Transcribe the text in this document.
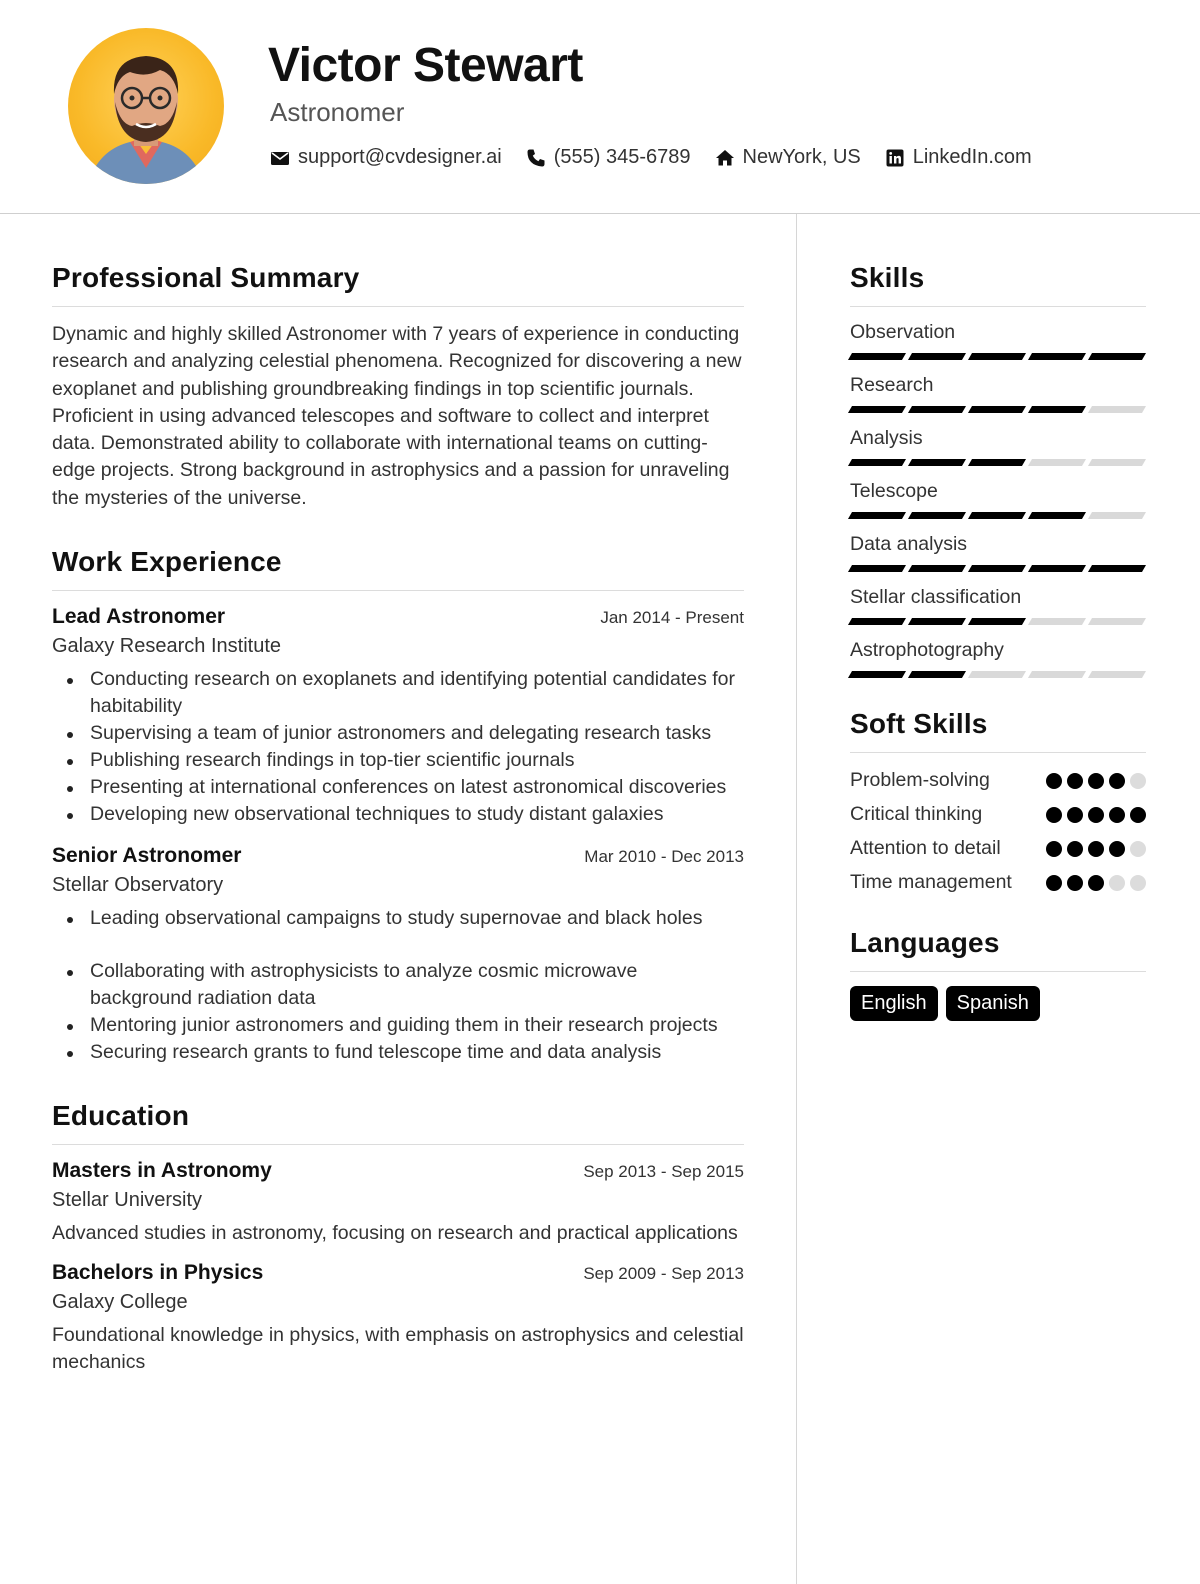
Victor Stewart
Astronomer
support@cvdesigner.ai	(555) 345-6789	NewYork, US	LinkedIn.com
Professional Summary

Dynamic and highly skilled Astronomer with 7 years of experience in conducting research and analyzing celestial phenomena. Recognized for discovering a new exoplanet and publishing groundbreaking findings in top scientific journals. Proficient in using advanced telescopes and software to collect and interpret data. Demonstrated ability to collaborate with international teams on cutting-edge projects. Strong background in astrophysics and a passion for unraveling the mysteries of the universe.

Work Experience
Lead Astronomer	Jan 2014 - Present
Galaxy Research Institute
Conducting research on exoplanets and identifying potential candidates for habitability
Supervising a team of junior astronomers and delegating research tasks
Publishing research findings in top-tier scientific journals
Presenting at international conferences on latest astronomical discoveries
Developing new observational techniques to study distant galaxies
Senior Astronomer	Mar 2010 - Dec 2013
Stellar Observatory
Leading observational campaigns to study supernovae and black holes
Collaborating with astrophysicists to analyze cosmic microwave background radiation data
Mentoring junior astronomers and guiding them in their research projects
Securing research grants to fund telescope time and data analysis
Education
Masters in Astronomy	Sep 2013 - Sep 2015
Stellar University

Advanced studies in astronomy, focusing on research and practical applications

Bachelors in Physics	Sep 2009 - Sep 2013
Galaxy College

Foundational knowledge in physics, with emphasis on astrophysics and celestial mechanics

Skills
Observation
Research
Analysis
Telescope
Data analysis
Stellar classification
Astrophotography
Soft Skills
Problem-solving
Critical thinking
Attention to detail
Time management
Languages
English	Spanish
